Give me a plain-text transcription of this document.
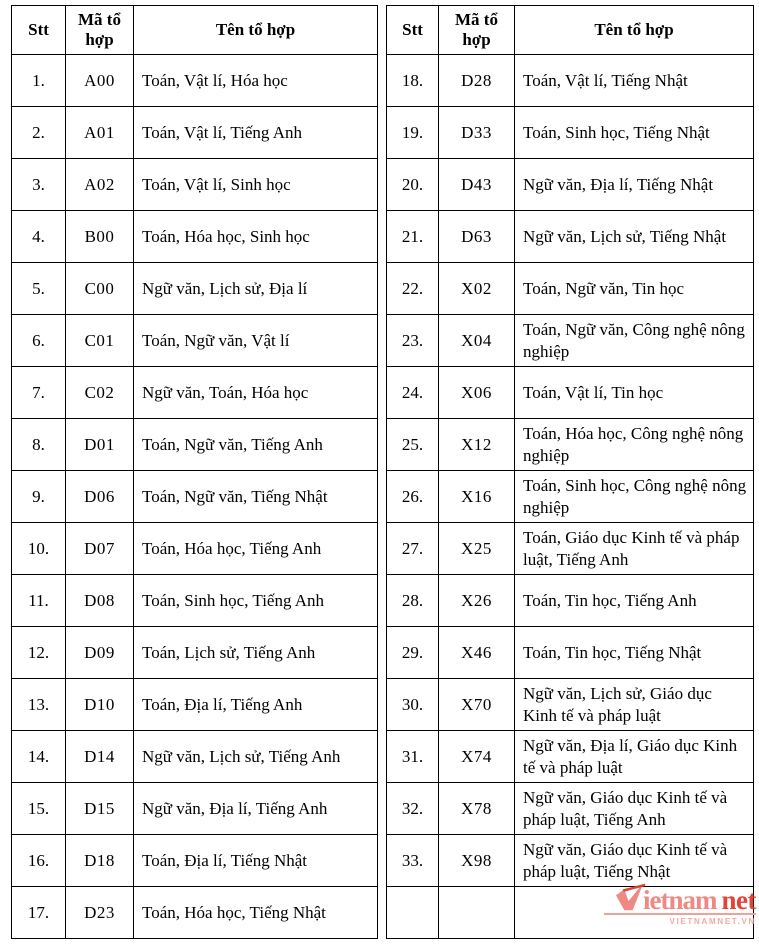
Stt	Mã tổ hợp	Tên tổ hợp
1.	A00	Toán, Vật lí, Hóa học
2.	A01	Toán, Vật lí, Tiếng Anh
3.	A02	Toán, Vật lí, Sinh học
4.	B00	Toán, Hóa học, Sinh học
5.	C00	Ngữ văn, Lịch sử, Địa lí
6.	C01	Toán, Ngữ văn, Vật lí
7.	C02	Ngữ văn, Toán, Hóa học
8.	D01	Toán, Ngữ văn, Tiếng Anh
9.	D06	Toán, Ngữ văn, Tiếng Nhật
10.	D07	Toán, Hóa học, Tiếng Anh
11.	D08	Toán, Sinh học, Tiếng Anh
12.	D09	Toán, Lịch sử, Tiếng Anh
13.	D10	Toán, Địa lí, Tiếng Anh
14.	D14	Ngữ văn, Lịch sử, Tiếng Anh
15.	D15	Ngữ văn, Địa lí, Tiếng Anh
16.	D18	Toán, Địa lí, Tiếng Nhật
17.	D23	Toán, Hóa học, Tiếng Nhật
Stt	Mã tổ hợp	Tên tổ hợp
18.	D28	Toán, Vật lí, Tiếng Nhật
19.	D33	Toán, Sinh học, Tiếng Nhật
20.	D43	Ngữ văn, Địa lí, Tiếng Nhật
21.	D63	Ngữ văn, Lịch sử, Tiếng Nhật
22.	X02	Toán, Ngữ văn, Tin học
23.	X04	Toán, Ngữ văn, Công nghệ nông nghiệp
24.	X06	Toán, Vật lí, Tin học
25.	X12	Toán, Hóa học, Công nghệ nông nghiệp
26.	X16	Toán, Sinh học, Công nghệ nông nghiệp
27.	X25	Toán, Giáo dục Kinh tế và pháp luật, Tiếng Anh
28.	X26	Toán, Tin học, Tiếng Anh
29.	X46	Toán, Tin học, Tiếng Nhật
30.	X70	Ngữ văn, Lịch sử, Giáo dục Kinh tế và pháp luật
31.	X74	Ngữ văn, Địa lí, Giáo dục Kinh tế và pháp luật
32.	X78	Ngữ văn, Giáo dục Kinh tế và pháp luật, Tiếng Anh
33.	X98	Ngữ văn, Giáo dục Kinh tế và pháp luật, Tiếng Nhật

ietnam net
VIETNAMNET.VN
